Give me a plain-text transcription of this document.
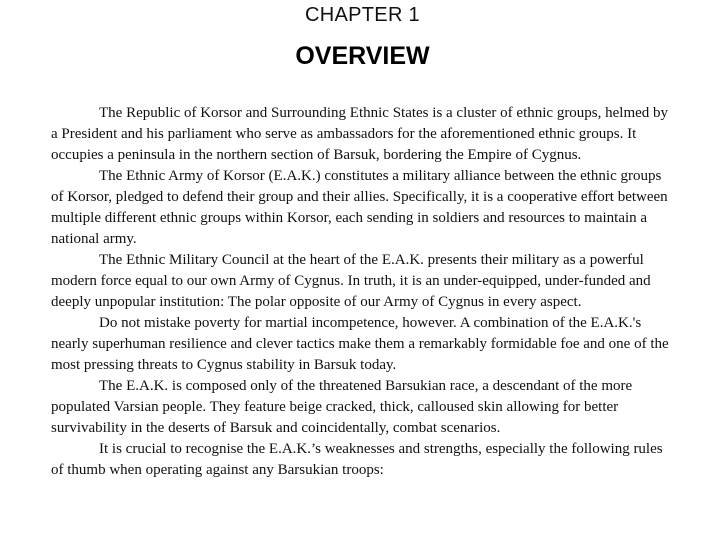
CHAPTER 1
OVERVIEW

The Republic of Korsor and Surrounding Ethnic States is a cluster of ethnic groups, helmed by a President and his parliament who serve as ambassadors for the aforementioned ethnic groups. It occupies a peninsula in the northern section of Barsuk, bordering the Empire of Cygnus.

The Ethnic Army of Korsor (E.A.K.) constitutes a military alliance between the ethnic groups of Korsor, pledged to defend their group and their allies. Specifically, it is a cooperative effort between multiple different ethnic groups within Korsor, each sending in soldiers and resources to maintain a national army.

The Ethnic Military Council at the heart of the E.A.K. presents their military as a powerful modern force equal to our own Army of Cygnus. In truth, it is an under-equipped, under-funded and deeply unpopular institution: The polar opposite of our Army of Cygnus in every aspect.

Do not mistake poverty for martial incompetence, however. A combination of the E.A.K.'s nearly superhuman resilience and clever tactics make them a remarkably formidable foe and one of the most pressing threats to Cygnus stability in Barsuk today.

The E.A.K. is composed only of the threatened Barsukian race, a descendant of the more populated Varsian people. They feature beige cracked, thick, calloused skin allowing for better survivability in the deserts of Barsuk and coincidentally, combat scenarios.

It is crucial to recognise the E.A.K.’s weaknesses and strengths, especially the following rules of thumb when operating against any Barsukian troops:
